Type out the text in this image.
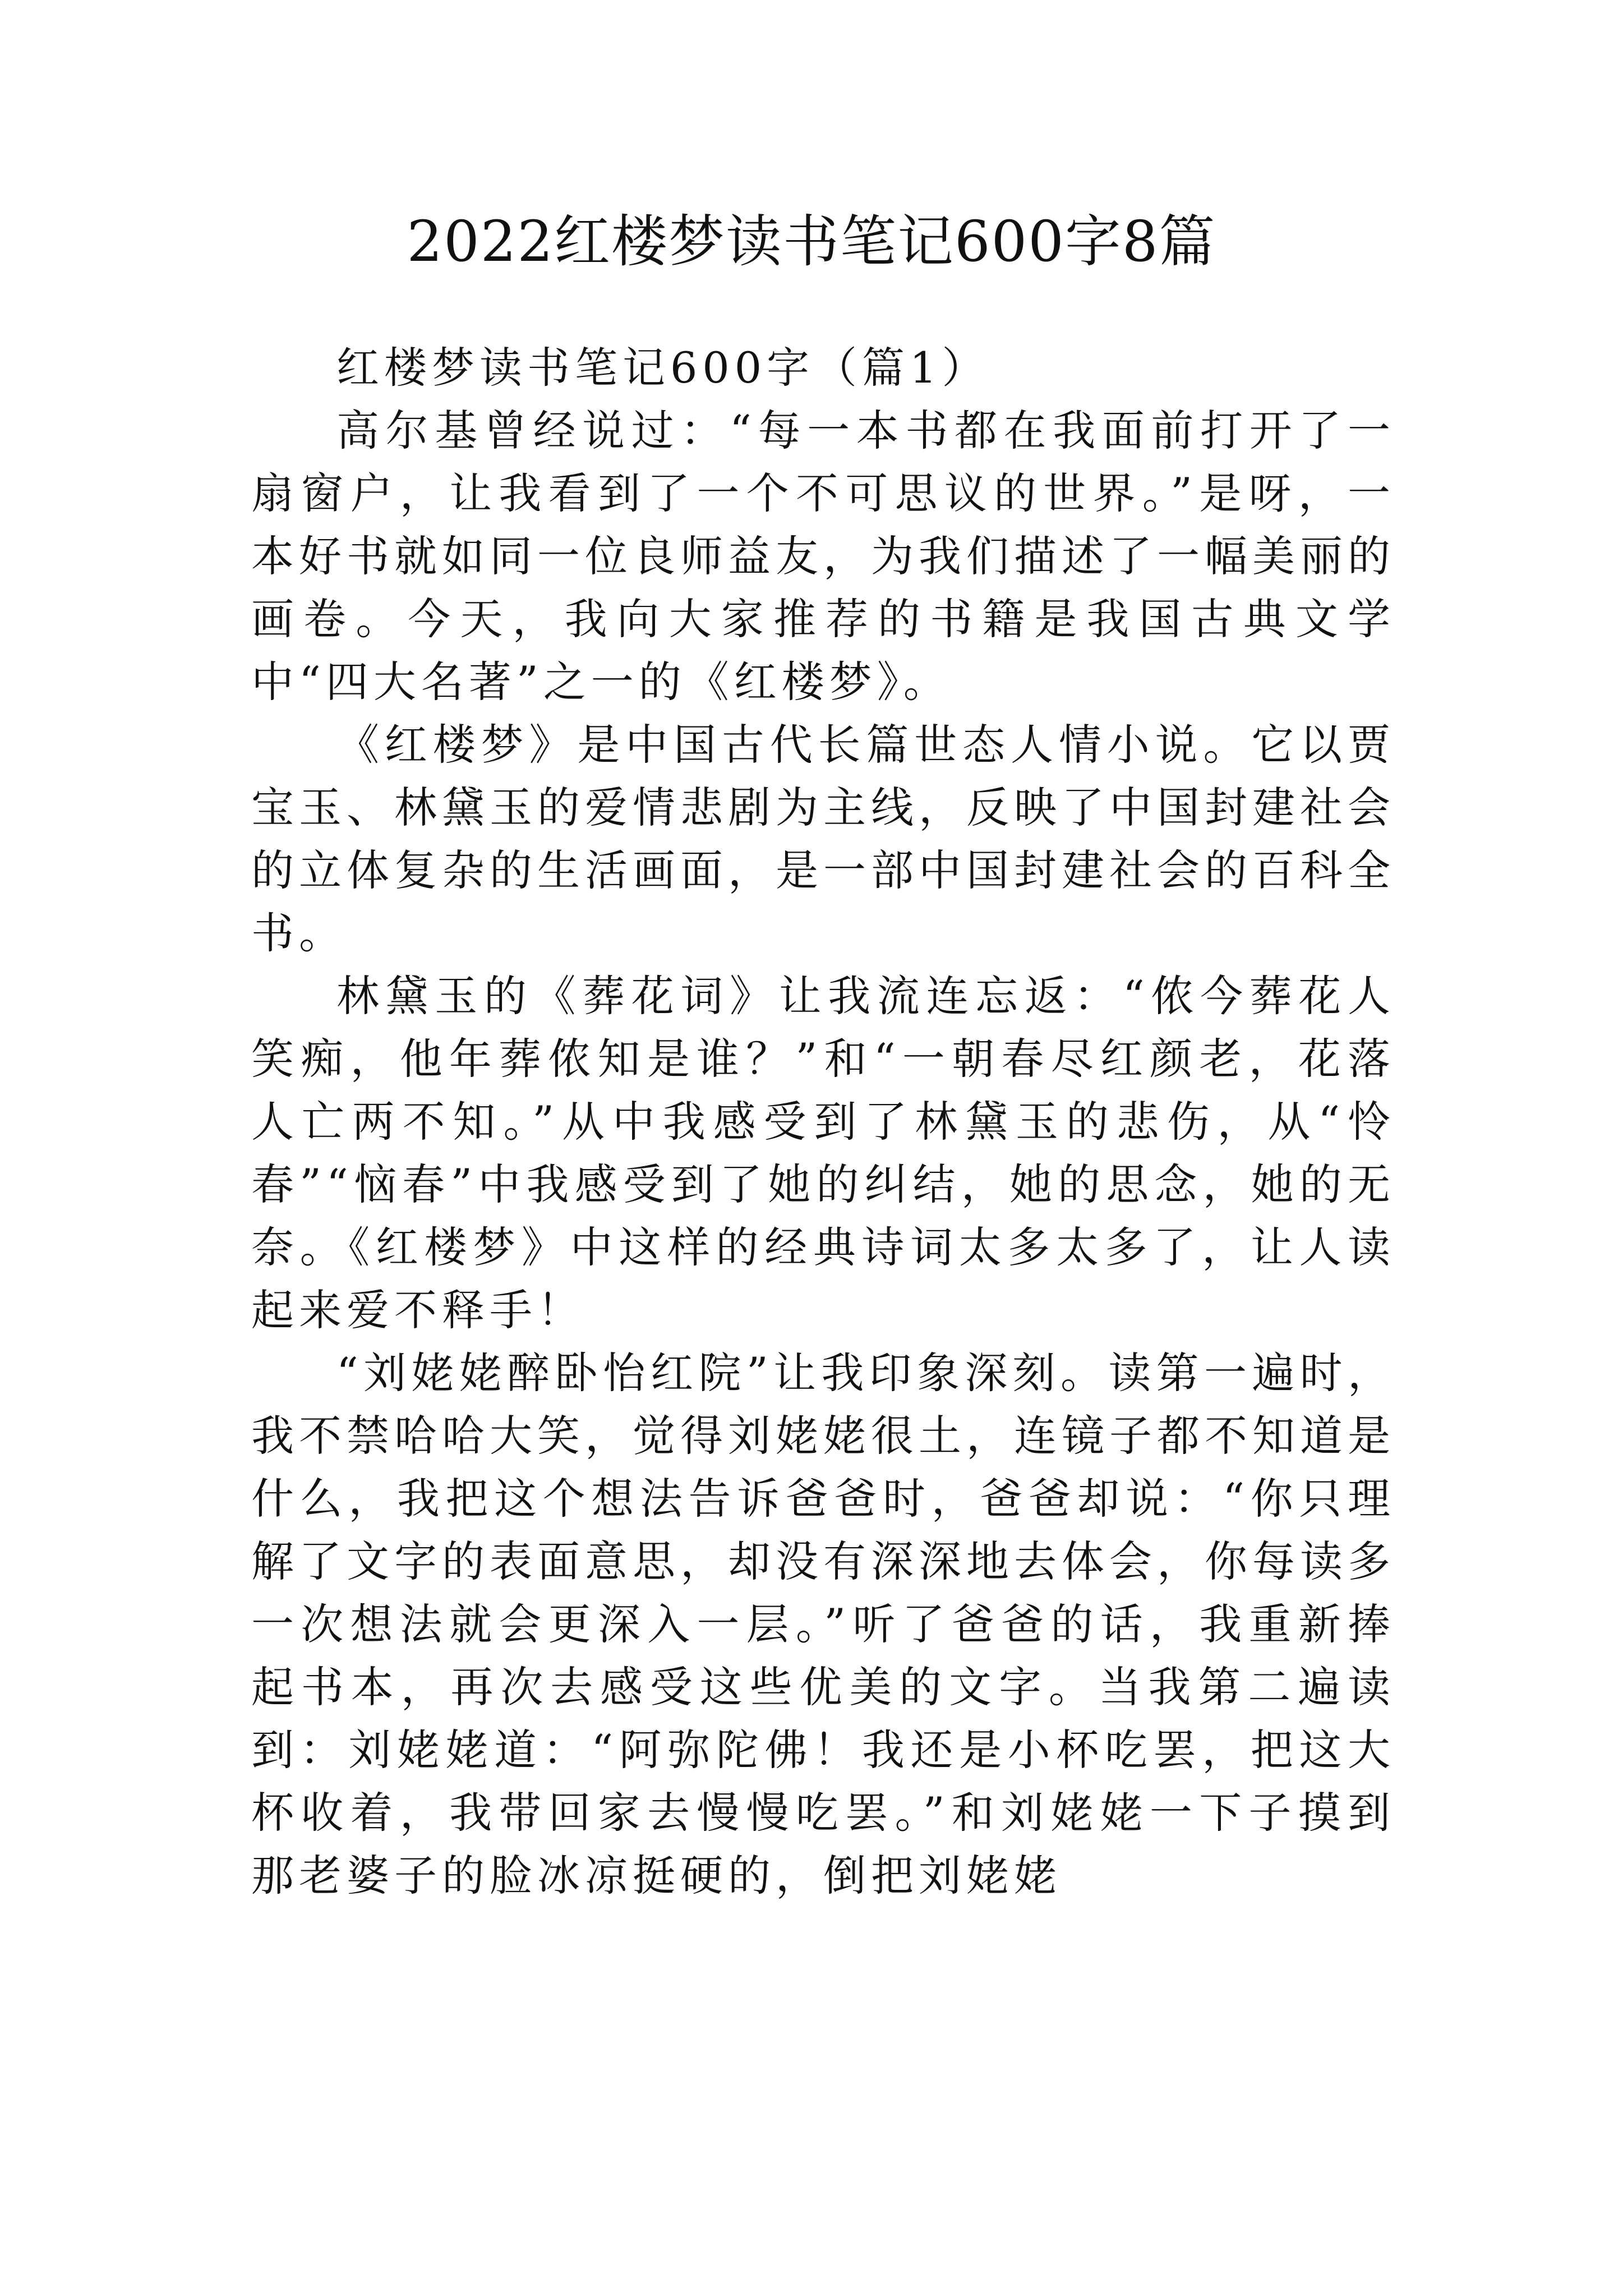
2022红楼梦读书笔记600字8篇

红楼梦读书笔记600字（篇1）

高尔基曾经说过：“每一本书都在我面前打开了一扇窗户，让我看到了一个不可思议的世界。”是呀，一本好书就如同一位良师益友，为我们描述了一幅美丽的画卷。今天，我向大家推荐的书籍是我国古典文学中“四大名著”之一的《红楼梦》。

《红楼梦》是中国古代长篇世态人情小说。它以贾宝玉、林黛玉的爱情悲剧为主线，反映了中国封建社会的立体复杂的生活画面，是一部中国封建社会的百科全书。

林黛玉的《葬花词》让我流连忘返：“侬今葬花人笑痴，他年葬侬知是谁？”和“一朝春尽红颜老，花落人亡两不知。”从中我感受到了林黛玉的悲伤，从“怜春”“恼春”中我感受到了她的纠结，她的思念，她的无奈。《红楼梦》中这样的经典诗词太多太多了，让人读起来爱不释手！

“刘姥姥醉卧怡红院”让我印象深刻。读第一遍时，我不禁哈哈大笑，觉得刘姥姥很土，连镜子都不知道是什么，我把这个想法告诉爸爸时，爸爸却说：“你只理解了文字的表面意思，却没有深深地去体会，你每读多一次想法就会更深入一层。”听了爸爸的话，我重新捧起书本，再次去感受这些优美的文字。当我第二遍读到：刘姥姥道：“阿弥陀佛！我还是小杯吃罢，把这大杯收着，我带回家去慢慢吃罢。”和刘姥姥一下子摸到那老婆子的脸冰凉挺硬的，倒把刘姥姥
